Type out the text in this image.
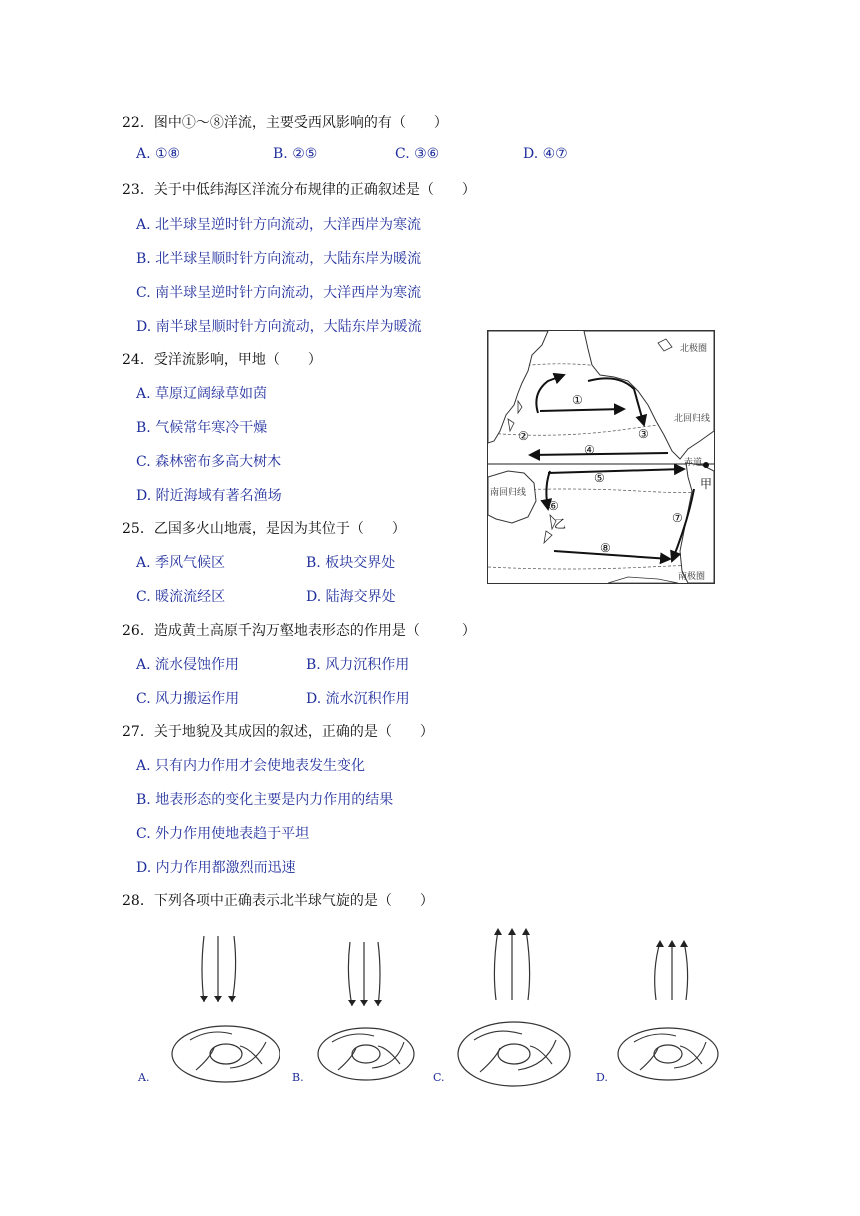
22．图中①～⑧洋流，主要受西风影响的有（　　）
A. ①⑧	B. ②⑤	C. ③⑥	D. ④⑦
23．关于中低纬海区洋流分布规律的正确叙述是（　　）
A. 北半球呈逆时针方向流动，大洋西岸为寒流
B. 北半球呈顺时针方向流动，大陆东岸为暖流
C. 南半球呈逆时针方向流动，大洋西岸为寒流
D. 南半球呈顺时针方向流动，大陆东岸为暖流
24．受洋流影响，甲地（　　）
A. 草原辽阔绿草如茵
B. 气候常年寒冷干燥
C. 森林密布多高大树木
D. 附近海域有著名渔场
25．乙国多火山地震，是因为其位于（　　）
A. 季风气候区	B. 板块交界处
C. 暖流流经区	D. 陆海交界处
26．造成黄土高原千沟万壑地表形态的作用是（　　　）
A. 流水侵蚀作用	B. 风力沉积作用
C. 风力搬运作用	D. 流水沉积作用
27．关于地貌及其成因的叙述，正确的是（　　）
A. 只有内力作用才会使地表发生变化
B. 地表形态的变化主要是内力作用的结果
C. 外力作用使地表趋于平坦
D. 内力作用都激烈而迅速
28．下列各项中正确表示北半球气旋的是（　　）
北极圈
北回归线
赤道
南回归线
南极圈
甲
乙
①
②	③
④
⑤
⑥
⑦
⑧
A.	B.	C.	D.
